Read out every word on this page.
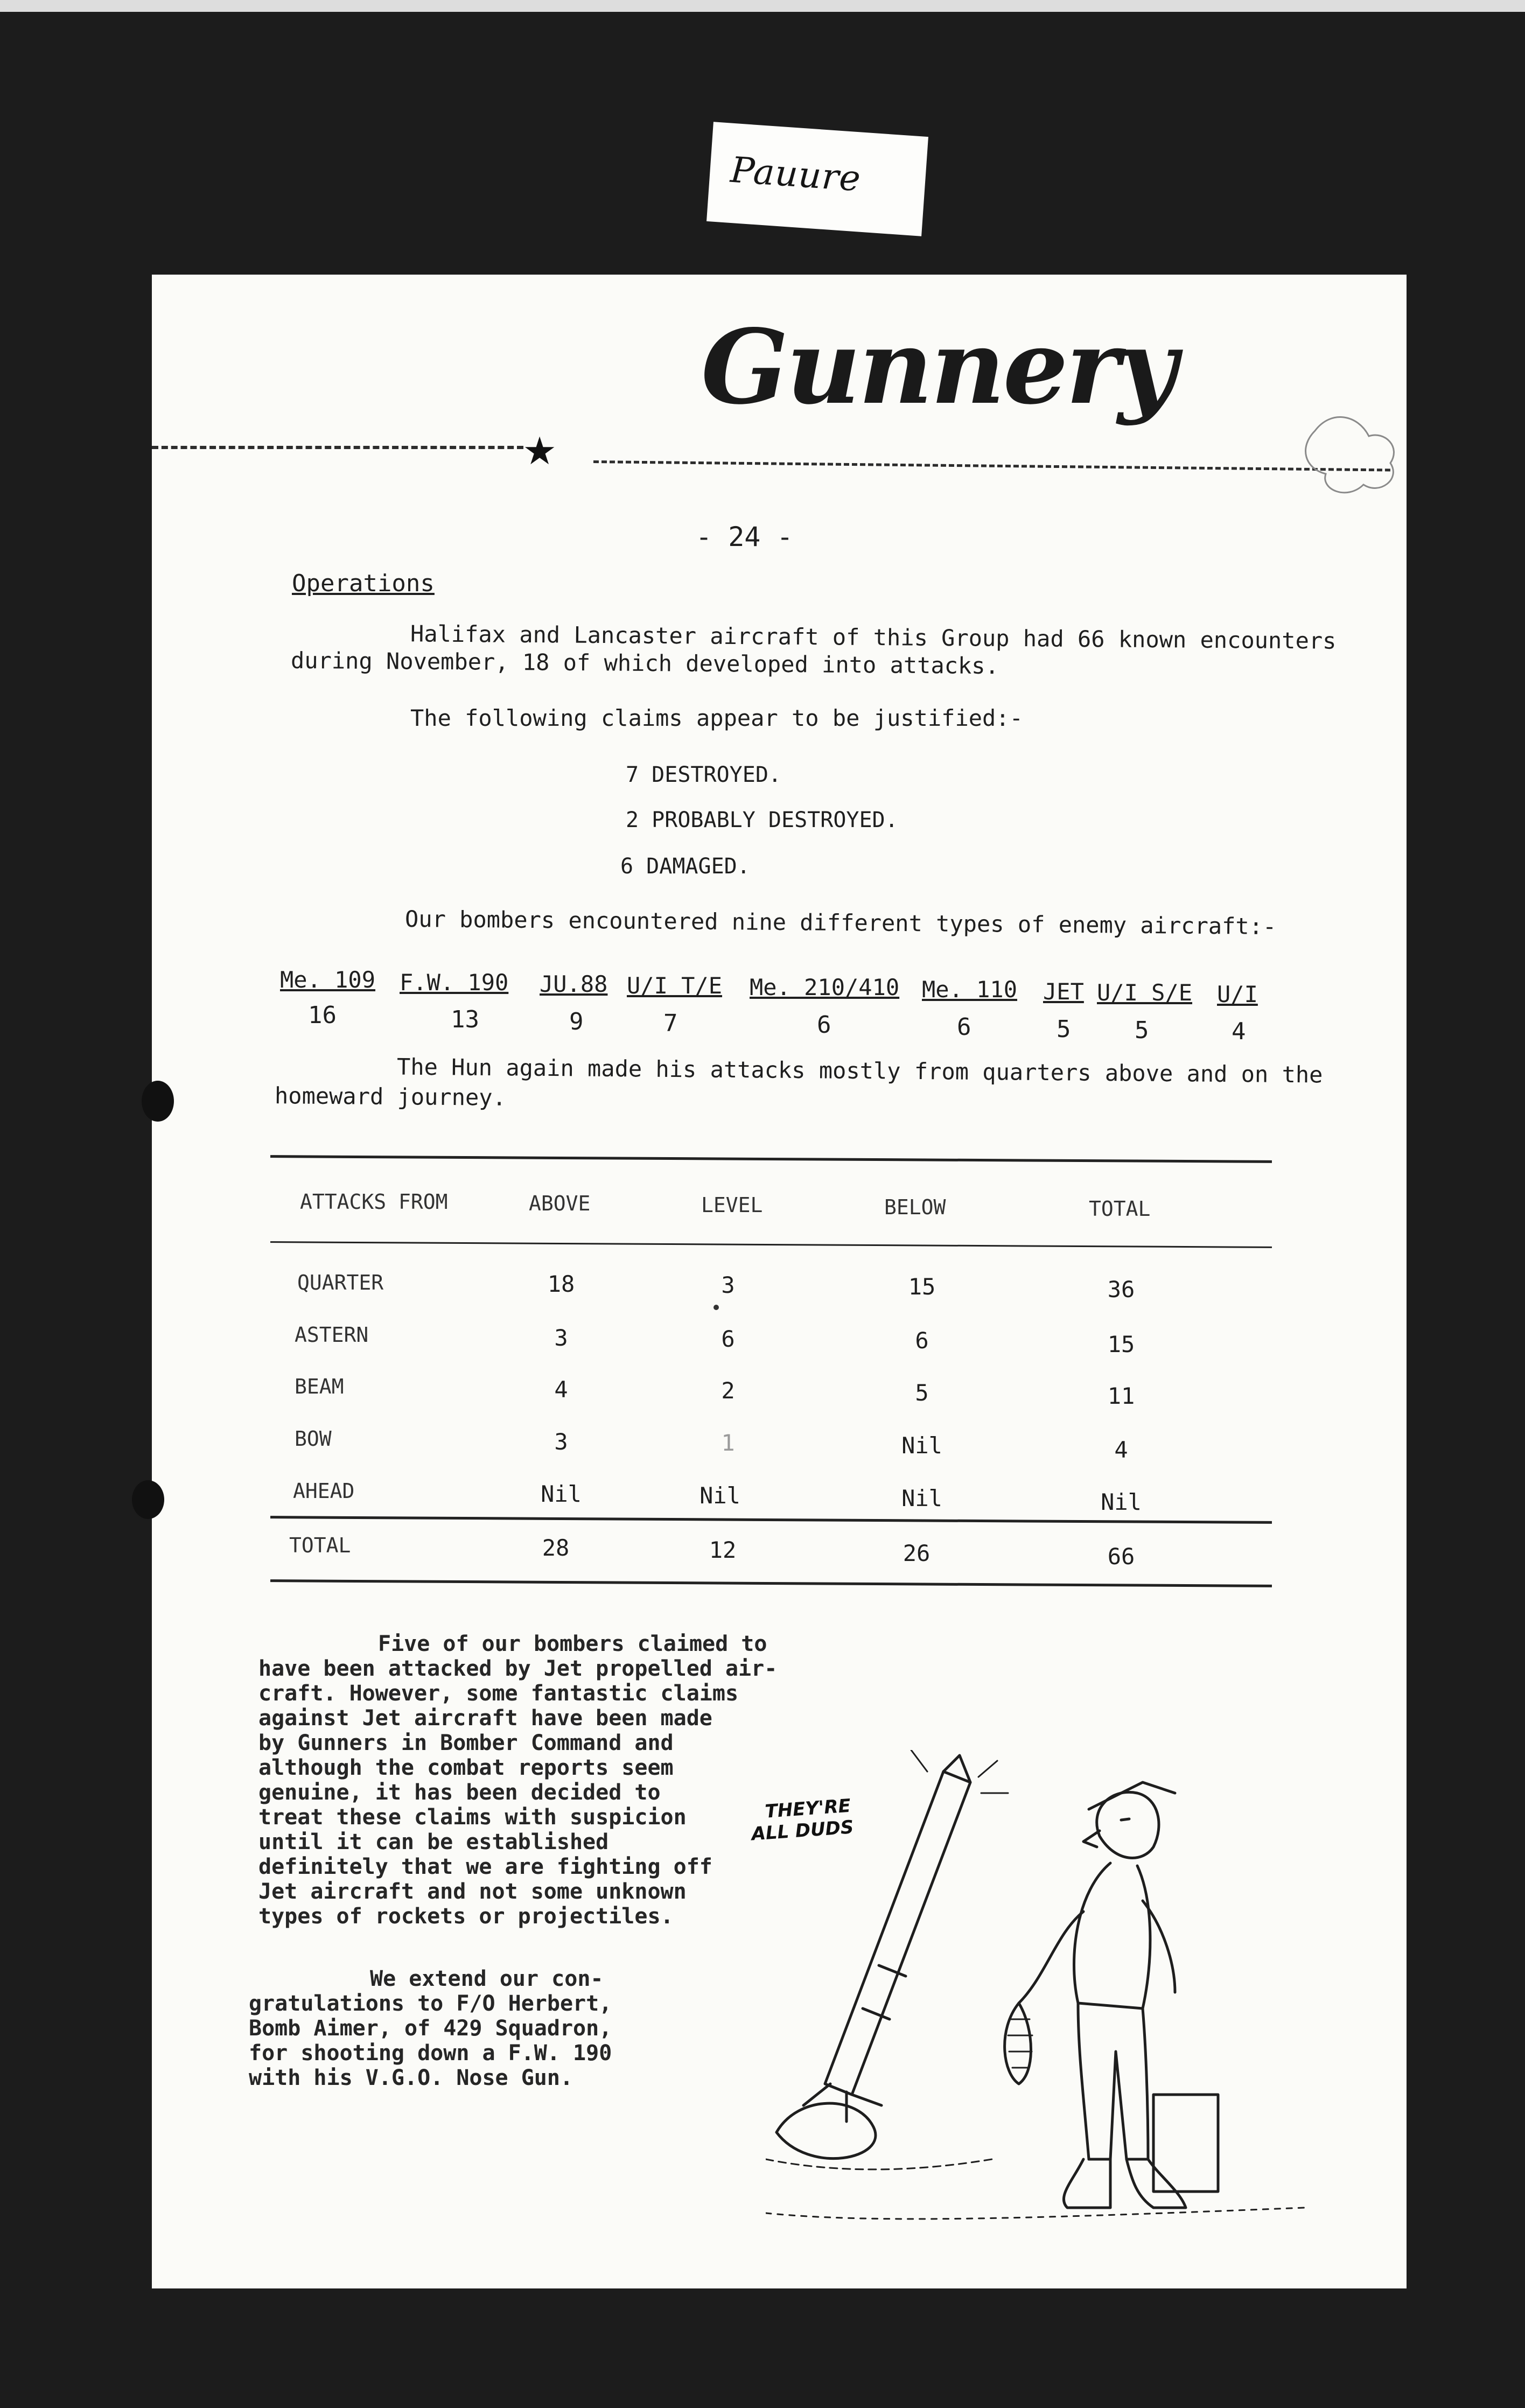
Pauure
Gunnery
★
- 24 -
Operations
Halifax and Lancaster aircraft of this Group had 66 known encounters
during November, 18 of which developed into attacks.
The following claims appear to be justified:-
7 DESTROYED.
2 PROBABLY DESTROYED.
6 DAMAGED.
Our bombers encountered nine different types of enemy aircraft:-
Me. 109
16
F.W. 190
13
JU.88
9
U/I T/E
7
Me. 210/410
6
Me. 110
6
JET
5
U/I S/E
5
U/I
4
The Hun again made his attacks mostly from quarters above and on the
homeward journey.
ATTACKS FROM	ABOVE	LEVEL	BELOW	TOTAL
QUARTER	18	3	15	36
ASTERN	3	6	6	15
BEAM	4	2	5	11
BOW	3	1	Nil	4
AHEAD	Nil	Nil	Nil	Nil
TOTAL	28	12	26	66
Five of our bombers claimed to
have been attacked by Jet propelled air-
craft. However, some fantastic claims
against Jet aircraft have been made
by Gunners in Bomber Command and
although the combat reports seem
genuine, it has been decided to
treat these claims with suspicion
until it can be established
definitely that we are fighting off
Jet aircraft and not some unknown
types of rockets or projectiles.
We extend our con-
gratulations to F/O Herbert,
Bomb Aimer, of 429 Squadron,
for shooting down a F.W. 190
with his V.G.O. Nose Gun.
THEY'RE
ALL DUDS
